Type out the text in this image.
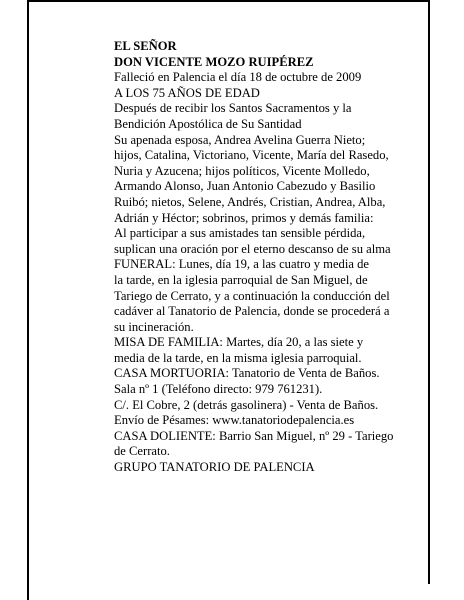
EL SEÑOR
DON VICENTE MOZO RUIPÉREZ
Falleció en Palencia el día 18 de octubre de 2009
A LOS 75 AÑOS DE EDAD
Después de recibir los Santos Sacramentos y la
Bendición Apostólica de Su Santidad
Su apenada esposa, Andrea Avelina Guerra Nieto;
hijos, Catalina, Victoriano, Vicente, María del Rasedo,
Nuria y Azucena; hijos políticos, Vicente Molledo,
Armando Alonso, Juan Antonio Cabezudo y Basilio
Ruibó; nietos, Selene, Andrés, Cristian, Andrea, Alba,
Adrián y Héctor; sobrinos, primos y demás familia:
Al participar a sus amistades tan sensible pérdida,
suplican una oración por el eterno descanso de su alma
FUNERAL: Lunes, día 19, a las cuatro y media de
la tarde, en la iglesia parroquial de San Miguel, de
Tariego de Cerrato, y a continuación la conducción del
cadáver al Tanatorio de Palencia, donde se procederá a
su incineración.
MISA DE FAMILIA: Martes, día 20, a las siete y
media de la tarde, en la misma iglesia parroquial.
CASA MORTUORIA: Tanatorio de Venta de Baños.
Sala nº 1 (Teléfono directo: 979 761231).
C/. El Cobre, 2 (detrás gasolinera) - Venta de Baños.
Envío de Pésames: www.tanatoriodepalencia.es
CASA DOLIENTE: Barrio San Miguel, nº 29 - Tariego
de Cerrato.
GRUPO TANATORIO DE PALENCIA
